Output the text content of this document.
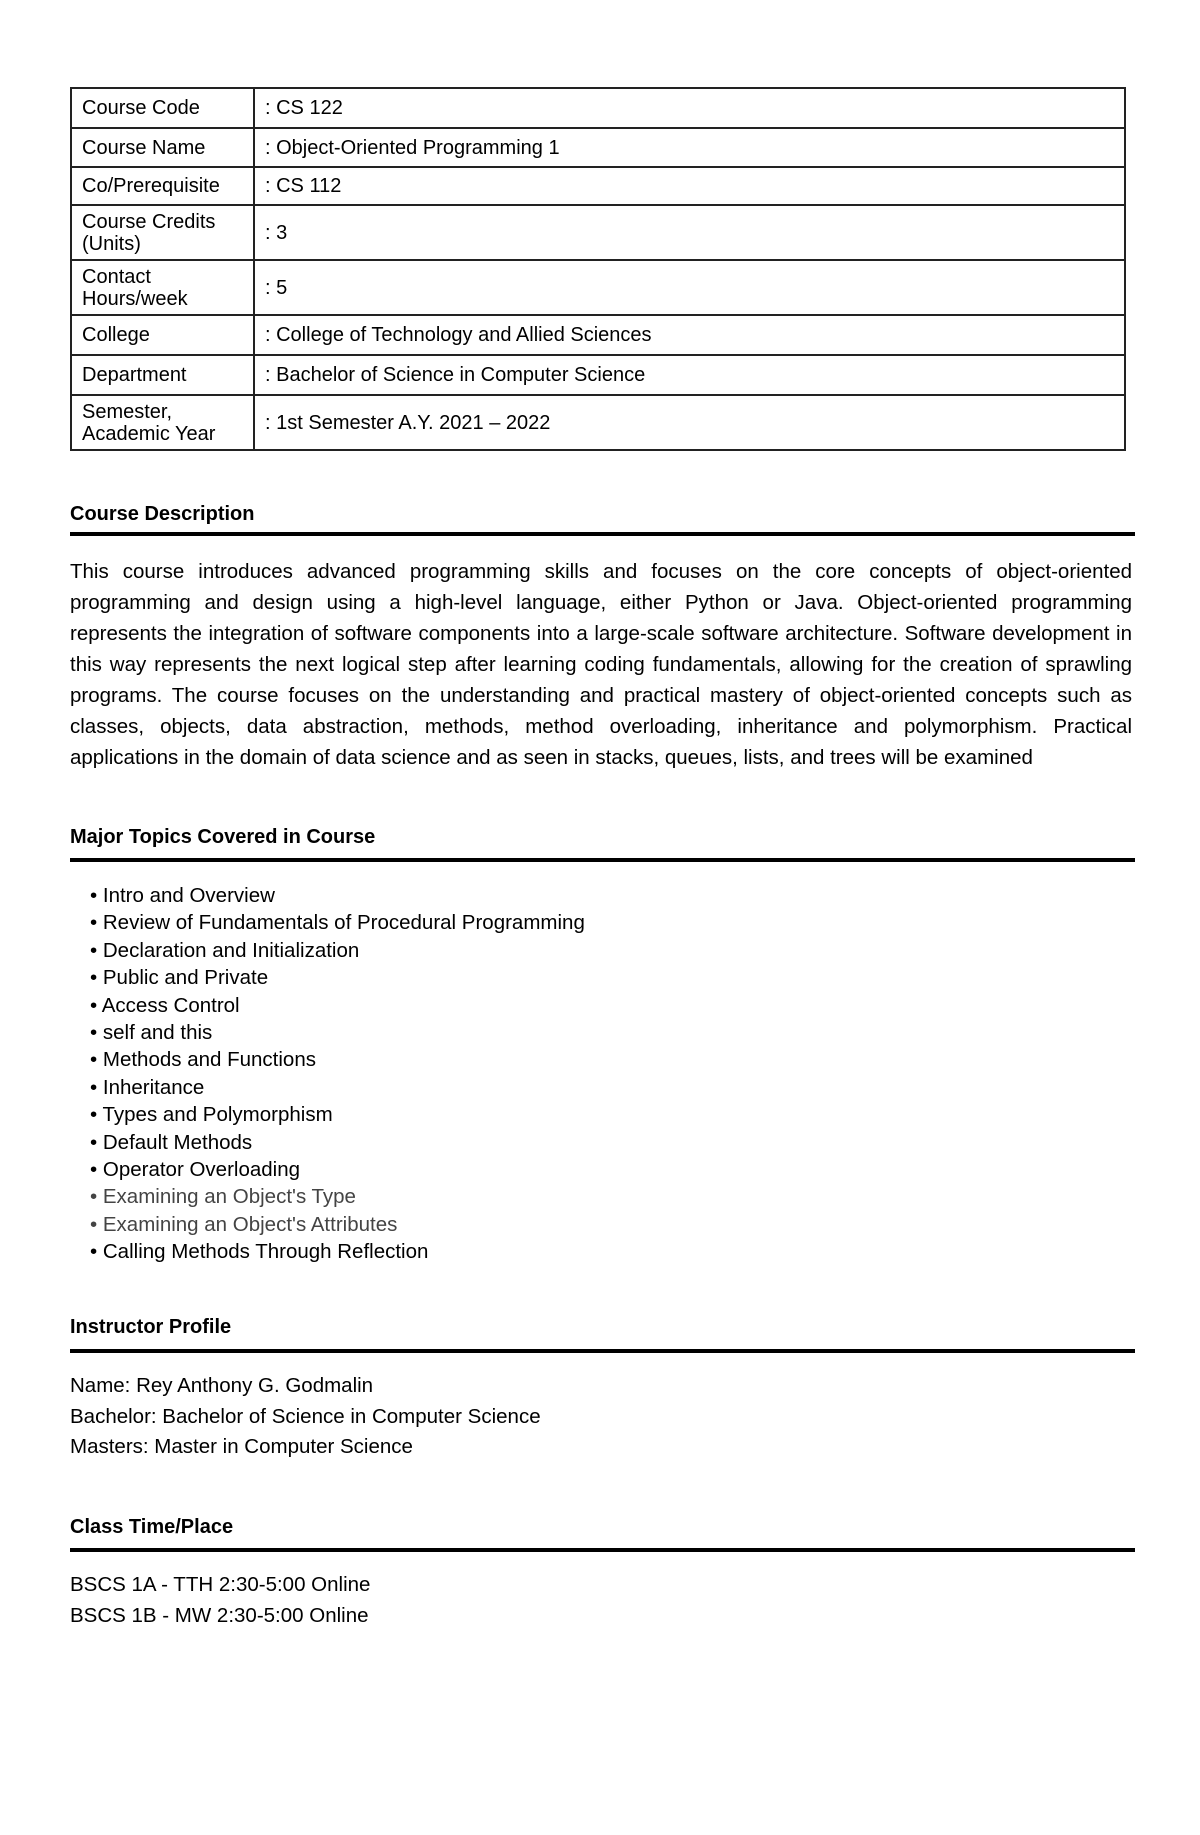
Course Code	: CS 122
Course Name	: Object-Oriented Programming 1
Co/Prerequisite	: CS 112
Course Credits (Units)	: 3
Contact Hours/week	: 5
College	: College of Technology and Allied Sciences
Department	: Bachelor of Science in Computer Science
Semester, Academic Year	: 1st Semester A.Y. 2021 – 2022
Course Description
This course introduces advanced programming skills and focuses on the core concepts of object-oriented programming and design using a high-level language, either Python or Java. Object-oriented programming represents the integration of software components into a large-scale software architecture. Software development in this way represents the next logical step after learning coding fundamentals, allowing for the creation of sprawling programs. The course focuses on the understanding and practical mastery of object-oriented concepts such as classes, objects, data abstraction, methods, method overloading, inheritance and polymorphism. Practical applications in the domain of data science and as seen in stacks, queues, lists, and trees will be examined
Major Topics Covered in Course
• Intro and Overview
• Review of Fundamentals of Procedural Programming
• Declaration and Initialization
• Public and Private
• Access Control
• self and this
• Methods and Functions
• Inheritance
• Types and Polymorphism
• Default Methods
• Operator Overloading
• Examining an Object's Type
• Examining an Object's Attributes
• Calling Methods Through Reflection
Instructor Profile
Name: Rey Anthony G. Godmalin
Bachelor: Bachelor of Science in Computer Science
Masters: Master in Computer Science
Class Time/Place
BSCS 1A - TTH 2:30-5:00 Online
BSCS 1B - MW 2:30-5:00 Online
